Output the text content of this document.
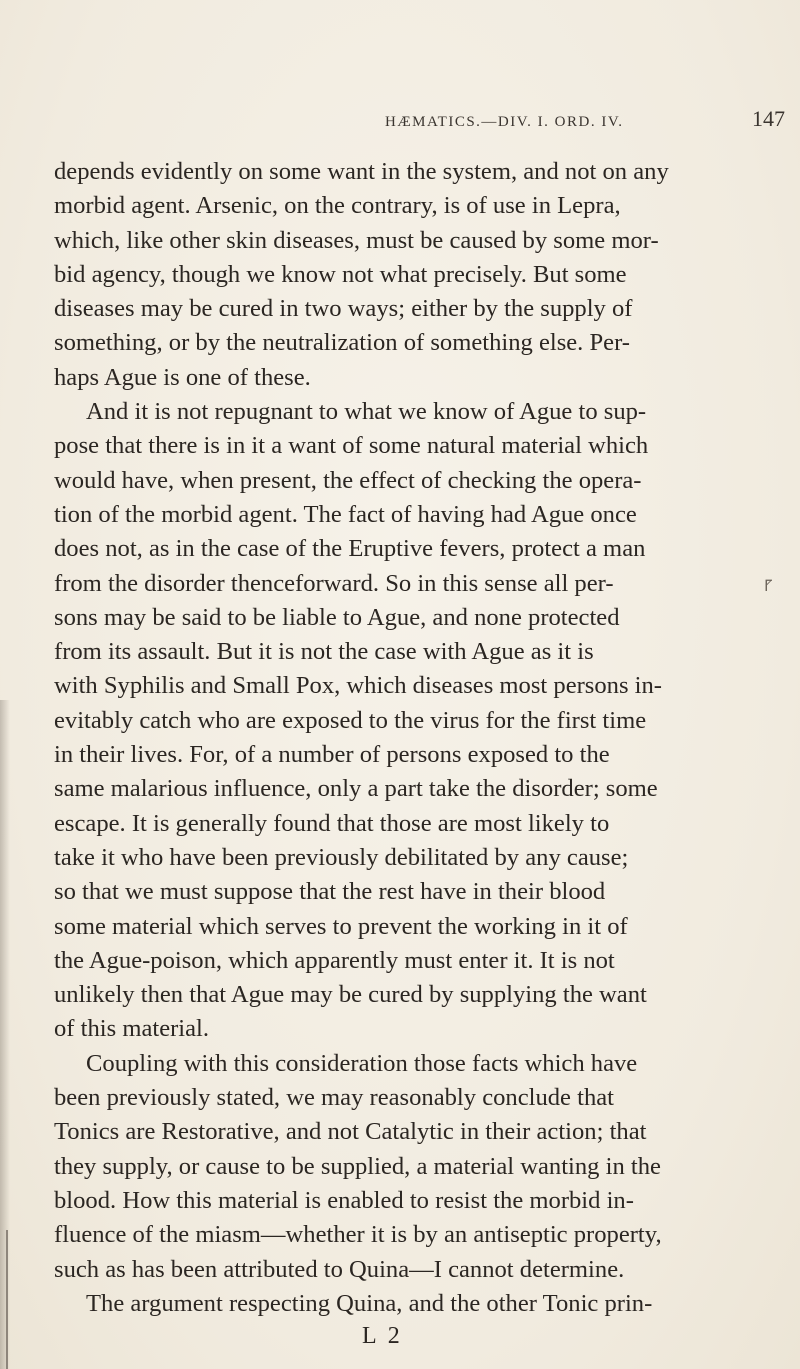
HÆMATICS.—DIV. I. ORD. IV.	147
depends evidently on some want in the system, and not on any
morbid agent. Arsenic, on the contrary, is of use in Lepra,
which, like other skin diseases, must be caused by some mor-
bid agency, though we know not what precisely. But some
diseases may be cured in two ways; either by the supply of
something, or by the neutralization of something else. Per-
haps Ague is one of these.
And it is not repugnant to what we know of Ague to sup-
pose that there is in it a want of some natural material which
would have, when present, the effect of checking the opera-
tion of the morbid agent. The fact of having had Ague once
does not, as in the case of the Eruptive fevers, protect a man
from the disorder thenceforward. So in this sense all per-
sons may be said to be liable to Ague, and none protected
from its assault. But it is not the case with Ague as it is
with Syphilis and Small Pox, which diseases most persons in-
evitably catch who are exposed to the virus for the first time
in their lives. For, of a number of persons exposed to the
same malarious influence, only a part take the disorder; some
escape. It is generally found that those are most likely to
take it who have been previously debilitated by any cause;
so that we must suppose that the rest have in their blood
some material which serves to prevent the working in it of
the Ague-poison, which apparently must enter it. It is not
unlikely then that Ague may be cured by supplying the want
of this material.
Coupling with this consideration those facts which have
been previously stated, we may reasonably conclude that
Tonics are Restorative, and not Catalytic in their action; that
they supply, or cause to be supplied, a material wanting in the
blood. How this material is enabled to resist the morbid in-
fluence of the miasm—whether it is by an antiseptic property,
such as has been attributed to Quina—I cannot determine.
The argument respecting Quina, and the other Tonic prin-
L 2
⹍
